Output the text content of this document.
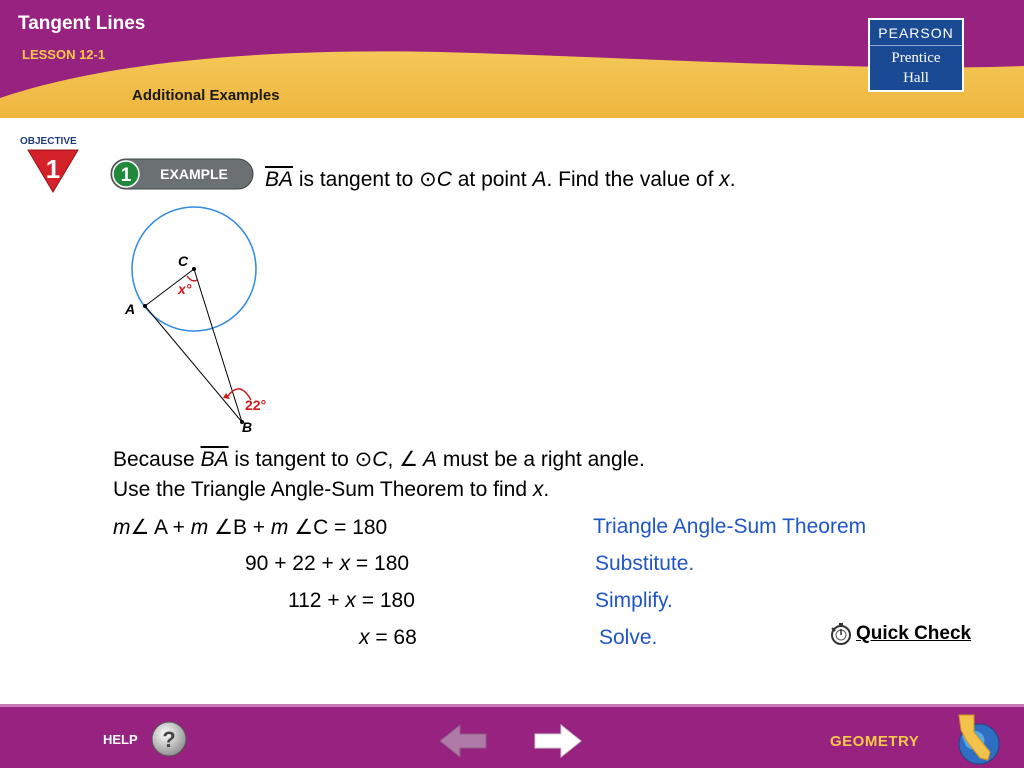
Tangent Lines
LESSON 12-1
Additional Examples
PEARSON
Prentice
Hall
OBJECTIVE
1	1 EXAMPLE $\overline{BA}$ is tangent to ⊙C at point A. Find the value of x.
C
x°
A
22°
B
Because $\overline{BA}$ is tangent to ⊙C, ∠ A must be a right angle.
Use the Triangle Angle-Sum Theorem to find x.
m∠ A + m ∠B + m ∠C = 180	Triangle Angle-Sum Theorem
90 + 22 + x = 180	Substitute.
112 + x = 180	Simplify.
x = 68	Solve.	Quick Check
HELP ?	GEOMETRY
